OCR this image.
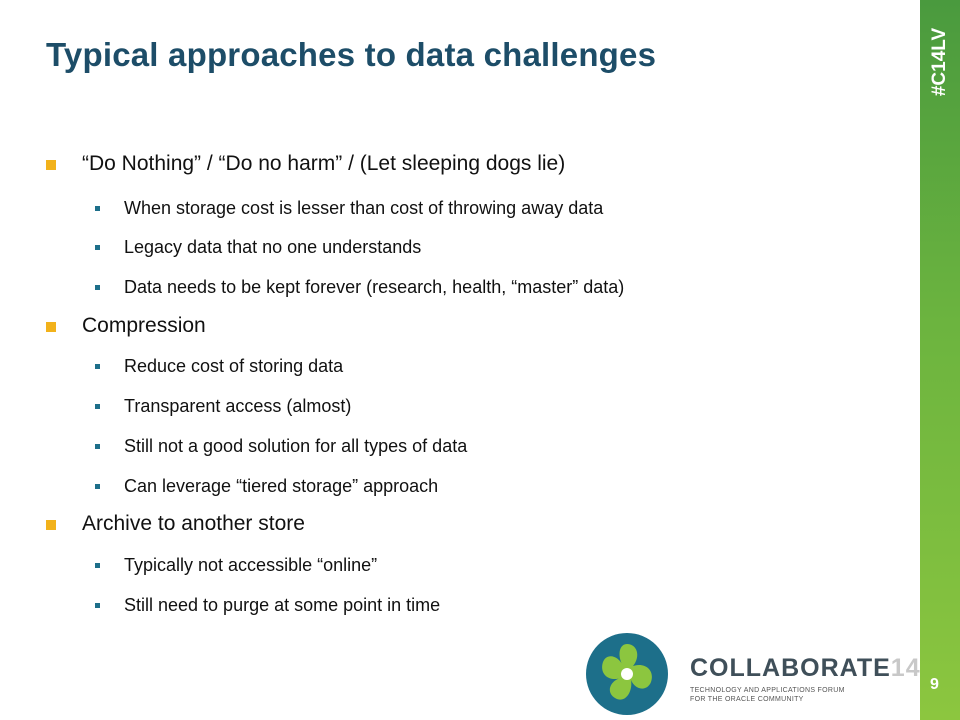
Typical approaches to data challenges	#C14LV
9
“Do Nothing” / “Do no harm” / (Let sleeping dogs lie)
When storage cost is lesser than cost of throwing away data
Legacy data that no one understands
Data needs to be kept forever (research, health, “master” data)
Compression
Reduce cost of storing data
Transparent access (almost)
Still not a good solution for all types of data
Can leverage “tiered storage” approach
Archive to another store
Typically not accessible “online”
Still need to purge at some point in time
COLLABORATE14
TECHNOLOGY AND APPLICATIONS FORUM
FOR THE ORACLE COMMUNITY
